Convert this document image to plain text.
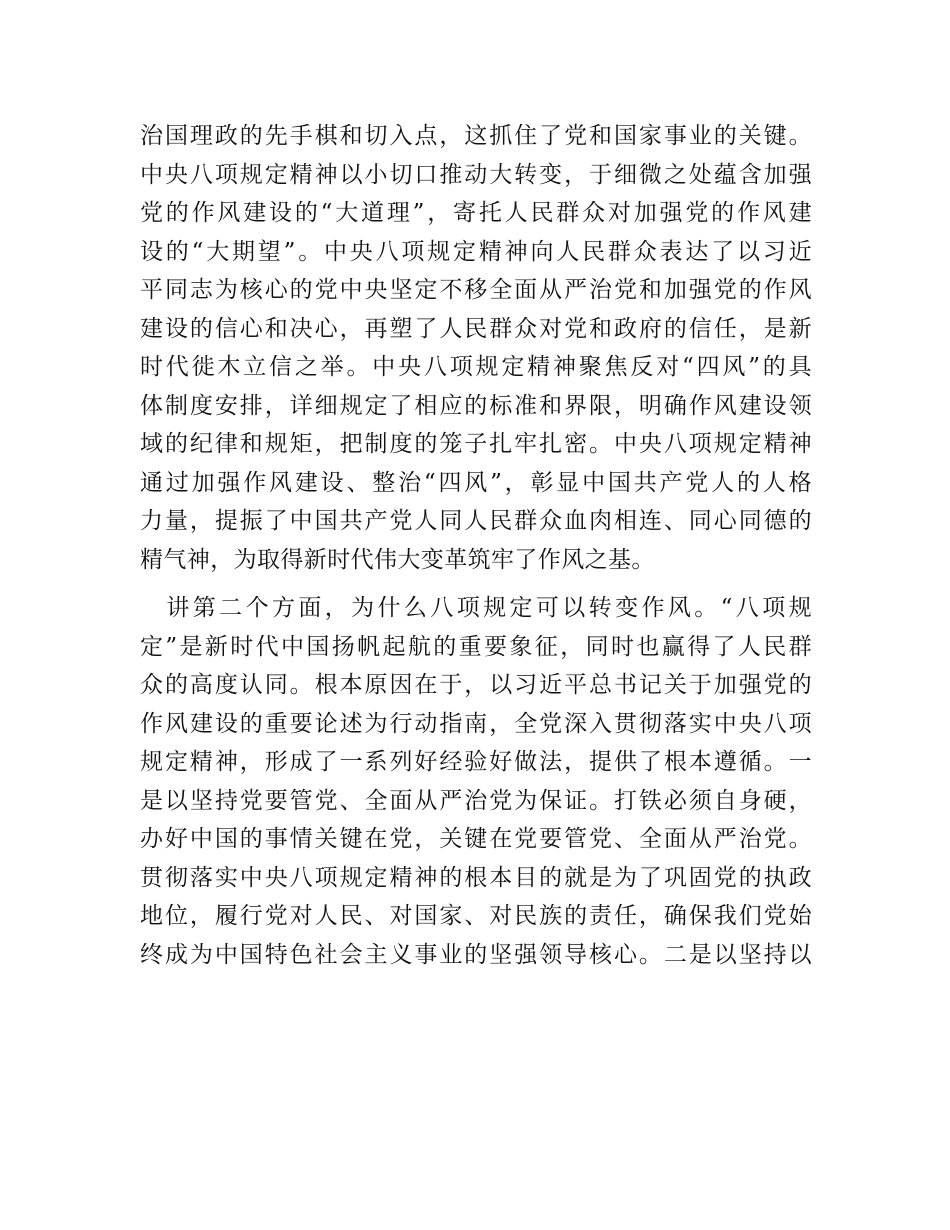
治国理政的先手棋和切入点，这抓住了党和国家事业的关键。
中央八项规定精神以小切口推动大转变，于细微之处蕴含加强
党的作风建设的“大道理”，寄托人民群众对加强党的作风建
设的“大期望”。中央八项规定精神向人民群众表达了以习近
平同志为核心的党中央坚定不移全面从严治党和加强党的作风
建设的信心和决心，再塑了人民群众对党和政府的信任，是新
时代徙木立信之举。中央八项规定精神聚焦反对“四风”的具
体制度安排，详细规定了相应的标准和界限，明确作风建设领
域的纪律和规矩，把制度的笼子扎牢扎密。中央八项规定精神
通过加强作风建设、整治“四风”，彰显中国共产党人的人格
力量，提振了中国共产党人同人民群众血肉相连、同心同德的
精气神，为取得新时代伟大变革筑牢了作风之基。
　讲第二个方面，为什么八项规定可以转变作风。“八项规
定”是新时代中国扬帆起航的重要象征，同时也赢得了人民群
众的高度认同。根本原因在于，以习近平总书记关于加强党的
作风建设的重要论述为行动指南，全党深入贯彻落实中央八项
规定精神，形成了一系列好经验好做法，提供了根本遵循。一
是以坚持党要管党、全面从严治党为保证。打铁必须自身硬，
办好中国的事情关键在党，关键在党要管党、全面从严治党。
贯彻落实中央八项规定精神的根本目的就是为了巩固党的执政
地位，履行党对人民、对国家、对民族的责任，确保我们党始
终成为中国特色社会主义事业的坚强领导核心。二是以坚持以
